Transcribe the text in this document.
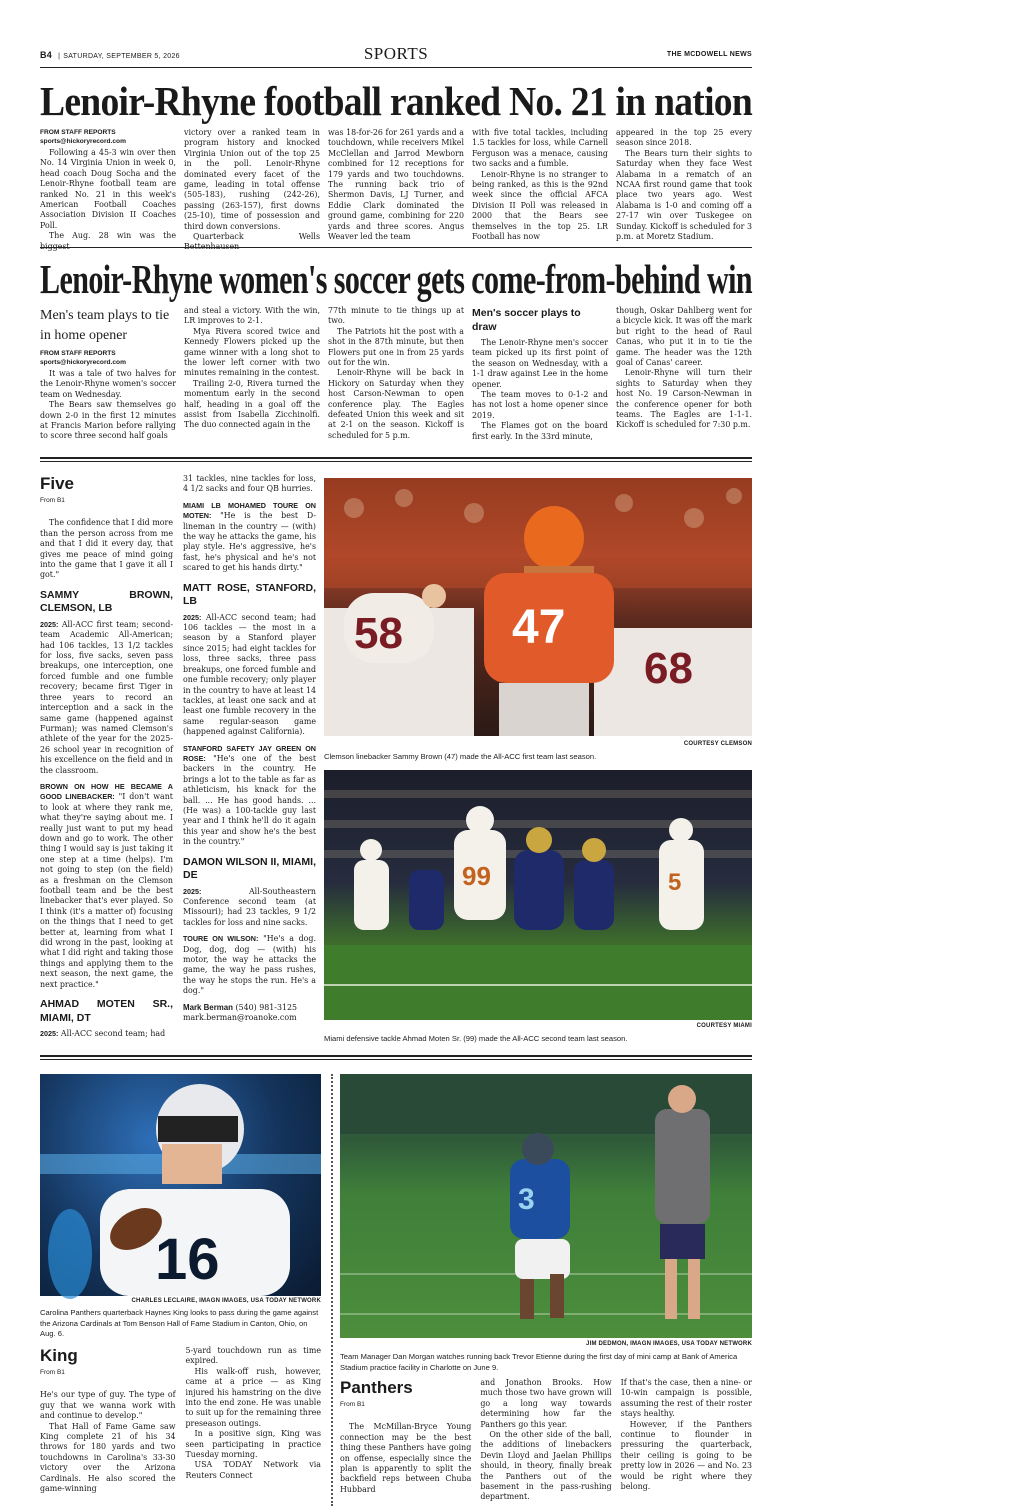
B4 | SATURDAY, SEPTEMBER 5, 2026	SPORTS	THE MCDOWELL NEWS
Lenoir-Rhyne football ranked No. 21 in nation
FROM STAFF REPORTS
sports@hickoryrecord.com

Following a 45-3 win over then No. 14 Virginia Union in week 0, head coach Doug Socha and the Lenoir-Rhyne football team are ranked No. 21 in this week's American Football Coaches Association Division II Coaches Poll.

The Aug. 28 win was the biggest

victory over a ranked team in program history and knocked Virginia Union out of the top 25 in the poll. Lenoir-Rhyne dominated every facet of the game, leading in total offense (505-183), rushing (242-26), passing (263-157), first downs (25-10), time of possession and third down conversions.

Quarterback Wells Bettenhausen

was 18-for-26 for 261 yards and a touchdown, while receivers Mikel McClellan and Jarrod Mewborn combined for 12 receptions for 179 yards and two touchdowns. The running back trio of Shermon Davis, LJ Turner, and Eddie Clark dominated the ground game, combining for 220 yards and three scores. Angus Weaver led the team

with five total tackles, including 1.5 tackles for loss, while Carnell Ferguson was a menace, causing two sacks and a fumble.

Lenoir-Rhyne is no stranger to being ranked, as this is the 92nd week since the official AFCA Division II Poll was released in 2000 that the Bears see themselves in the top 25. LR Football has now

appeared in the top 25 every season since 2018.

The Bears turn their sights to Saturday when they face West Alabama in a rematch of an NCAA first round game that took place two years ago. West Alabama is 1-0 and coming off a 27-17 win over Tuskegee on Sunday. Kickoff is scheduled for 3 p.m. at Moretz Stadium.

Lenoir-Rhyne women's soccer gets come-from-behind win
Men's team plays to tie in home opener
FROM STAFF REPORTS
sports@hickoryrecord.com

It was a tale of two halves for the Lenoir-Rhyne women's soccer team on Wednesday.

The Bears saw themselves go down 2-0 in the first 12 minutes at Francis Marion before rallying to score three second half goals

and steal a victory. With the win, LR improves to 2-1.

Mya Rivera scored twice and Kennedy Flowers picked up the game winner with a long shot to the lower left corner with two minutes remaining in the contest.

Trailing 2-0, Rivera turned the momentum early in the second half, heading in a goal off the assist from Isabella Zicchinolfi. The duo connected again in the

77th minute to tie things up at two.

The Patriots hit the post with a shot in the 87th minute, but then Flowers put one in from 25 yards out for the win.

Lenoir-Rhyne will be back in Hickory on Saturday when they host Carson-Newman to open conference play. The Eagles defeated Union this week and sit at 2-1 on the season. Kickoff is scheduled for 5 p.m.

Men's soccer plays to draw

The Lenoir-Rhyne men's soccer team picked up its first point of the season on Wednesday, with a 1-1 draw against Lee in the home opener.

The team moves to 0-1-2 and has not lost a home opener since 2019.

The Flames got on the board first early. In the 33rd minute,

though, Oskar Dahlberg went for a bicycle kick. It was off the mark but right to the head of Raul Canas, who put it in to tie the game. The header was the 12th goal of Canas' career.

Lenoir-Rhyne will turn their sights to Saturday when they host No. 19 Carson-Newman in the conference opener for both teams. The Eagles are 1-1-1. Kickoff is scheduled for 7:30 p.m.

Five
From B1

The confidence that I did more than the person across from me and that I did it every day, that gives me peace of mind going into the game that I gave it all I got."

SAMMY BROWN, CLEMSON, LB

2025: All-ACC first team; second-team Academic All-American; had 106 tackles, 13 1/2 tackles for loss, five sacks, seven pass breakups, one interception, one forced fumble and one fumble recovery; became first Tiger in three years to record an interception and a sack in the same game (happened against Furman); was named Clemson's athlete of the year for the 2025-26 school year in recognition of his excellence on the field and in the classroom.

BROWN ON HOW HE BECAME A GOOD LINEBACKER: "I don't want to look at where they rank me, what they're saying about me. I really just want to put my head down and go to work. The other thing I would say is just taking it one step at a time (helps). I'm not going to step (on the field) as a freshman on the Clemson football team and be the best linebacker that's ever played. So I think (it's a matter of) focusing on the things that I need to get better at, learning from what I did wrong in the past, looking at what I did right and taking those things and applying them to the next season, the next game, the next practice."

AHMAD MOTEN SR., MIAMI, DT

2025: All-ACC second team; had

31 tackles, nine tackles for loss, 4 1/2 sacks and four QB hurries.

MIAMI LB MOHAMED TOURE ON MOTEN: "He is the best D-lineman in the country — (with) the way he attacks the game, his play style. He's aggressive, he's fast, he's physical and he's not scared to get his hands dirty."

MATT ROSE, STANFORD, LB

2025: All-ACC second team; had 106 tackles — the most in a season by a Stanford player since 2015; had eight tackles for loss, three sacks, three pass breakups, one forced fumble and one fumble recovery; only player in the country to have at least 14 tackles, at least one sack and at least one fumble recovery in the same regular-season game (happened against California).

STANFORD SAFETY JAY GREEN ON ROSE: "He's one of the best backers in the country. He brings a lot to the table as far as athleticism, his knack for the ball. ... He has good hands. ... (He was) a 100-tackle guy last year and I think he'll do it again this year and show he's the best in the country."

DAMON WILSON II, MIAMI, DE

2025: All-Southeastern Conference second team (at Missouri); had 23 tackles, 9 1/2 tackles for loss and nine sacks.

TOURE ON WILSON: "He's a dog. Dog, dog, dog — (with) his motor, the way he attacks the game, the way he pass rushes, the way he stops the run. He's a dog."

Mark Berman (540) 981-3125

mark.berman@roanoke.com

58
68
47
COURTESY CLEMSON
Clemson linebacker Sammy Brown (47) made the All-ACC first team last season.
99	5
COURTESY MIAMI
Miami defensive tackle Ahmad Moten Sr. (99) made the All-ACC second team last season.
16
CHARLES LECLAIRE, IMAGN IMAGES, USA TODAY NETWORK
Carolina Panthers quarterback Haynes King looks to pass during the game against the Arizona Cardinals at Tom Benson Hall of Fame Stadium in Canton, Ohio, on Aug. 6.
King
From B1

He's our type of guy. The type of guy that we wanna work with and continue to develop."

That Hall of Fame Game saw King complete 21 of his 34 throws for 180 yards and two touchdowns in Carolina's 33-30 victory over the Arizona Cardinals. He also scored the game-winning

5-yard touchdown run as time expired.

His walk-off rush, however, came at a price — as King injured his hamstring on the dive into the end zone. He was unable to suit up for the remaining three preseason outings.

In a positive sign, King was seen participating in practice Tuesday morning.

USA TODAY Network via Reuters Connect

3
JIM DEDMON, IMAGN IMAGES, USA TODAY NETWORK
Team Manager Dan Morgan watches running back Trevor Etienne during the first day of mini camp at Bank of America Stadium practice facility in Charlotte on June 9.
Panthers
From B1

The McMillan-Bryce Young connection may be the best thing these Panthers have going on offense, especially since the plan is apparently to split the backfield reps between Chuba Hubbard

and Jonathon Brooks. How much those two have grown will go a long way towards determining how far the Panthers go this year.

On the other side of the ball, the additions of linebackers Devin Lloyd and Jaelan Phillips should, in theory, finally break the Panthers out of the basement in the pass-rushing department.

If that's the case, then a nine- or 10-win campaign is possible, assuming the rest of their roster stays healthy.

However, if the Panthers continue to flounder in pressuring the quarterback, their ceiling is going to be pretty low in 2026 — and No. 23 would be right where they belong.
